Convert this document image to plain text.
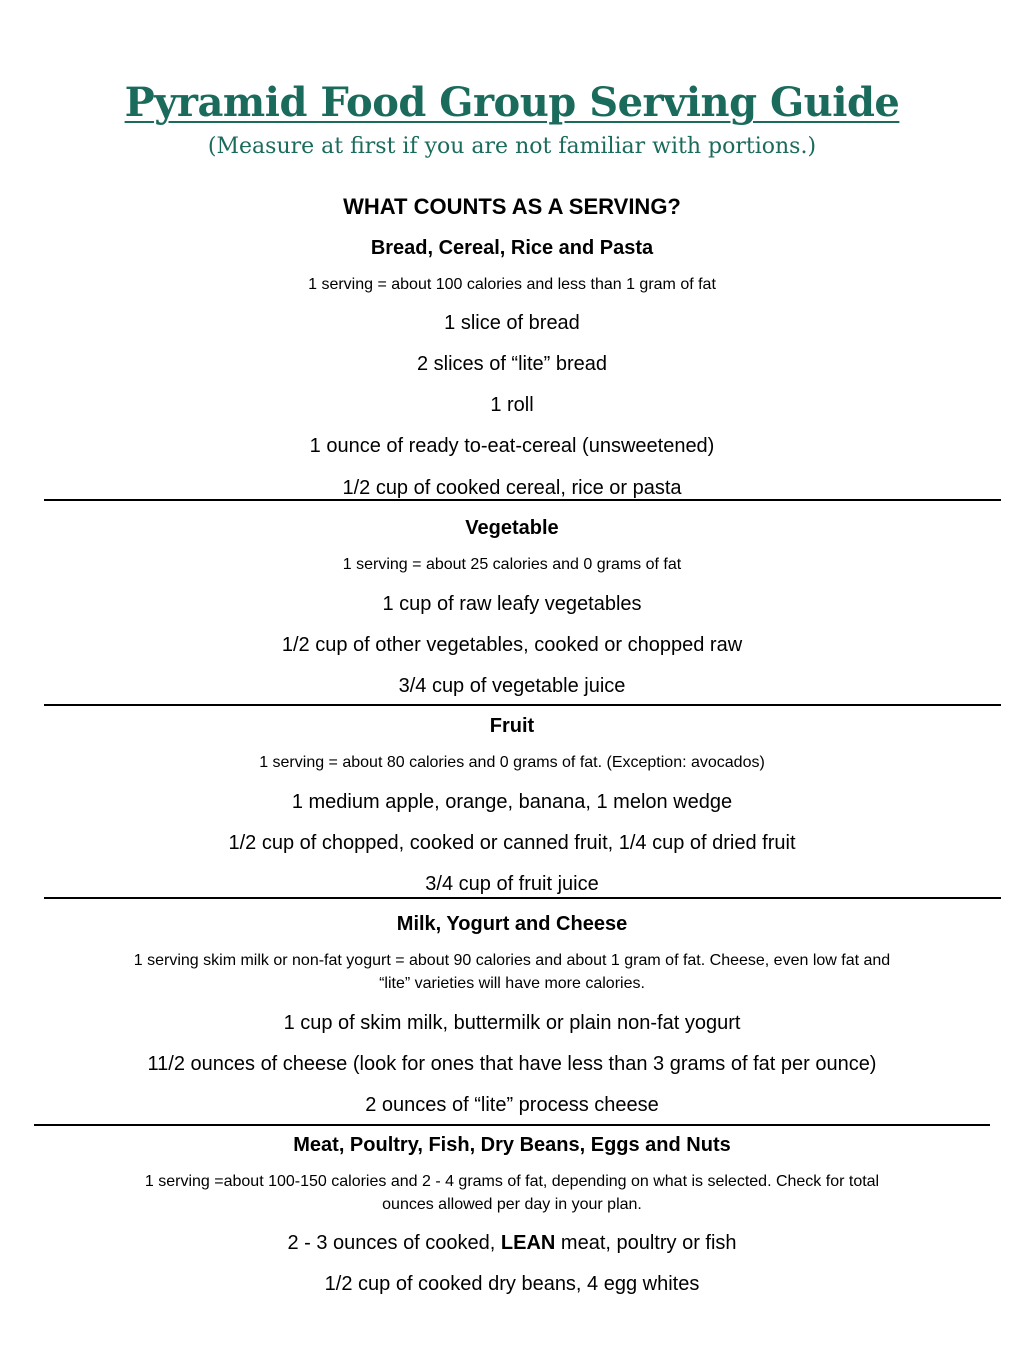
Pyramid Food Group Serving Guide
(Measure at first if you are not familiar with portions.)
WHAT COUNTS AS A SERVING?
Bread, Cereal, Rice and Pasta
1 serving = about 100 calories and less than 1 gram of fat
1 slice of bread
2 slices of “lite” bread
1 roll
1 ounce of ready to-eat-cereal (unsweetened)
1/2 cup of cooked cereal, rice or pasta
Vegetable
1 serving = about 25 calories and 0 grams of fat
1 cup of raw leafy vegetables
1/2 cup of other vegetables, cooked or chopped raw
3/4 cup of vegetable juice
Fruit
1 serving = about 80 calories and 0 grams of fat. (Exception: avocados)
1 medium apple, orange, banana, 1 melon wedge
1/2 cup of chopped, cooked or canned fruit, 1/4 cup of dried fruit
3/4 cup of fruit juice
Milk, Yogurt and Cheese
1 serving skim milk or non-fat yogurt = about 90 calories and about 1 gram of fat. Cheese, even low fat and
“lite” varieties will have more calories.
1 cup of skim milk, buttermilk or plain non-fat yogurt
11/2 ounces of cheese (look for ones that have less than 3 grams of fat per ounce)
2 ounces of “lite” process cheese
Meat, Poultry, Fish, Dry Beans, Eggs and Nuts
1 serving =about 100-150 calories and 2 - 4 grams of fat, depending on what is selected. Check for total
ounces allowed per day in your plan.
2 - 3 ounces of cooked, LEAN meat, poultry or fish
1/2 cup of cooked dry beans, 4 egg whites
